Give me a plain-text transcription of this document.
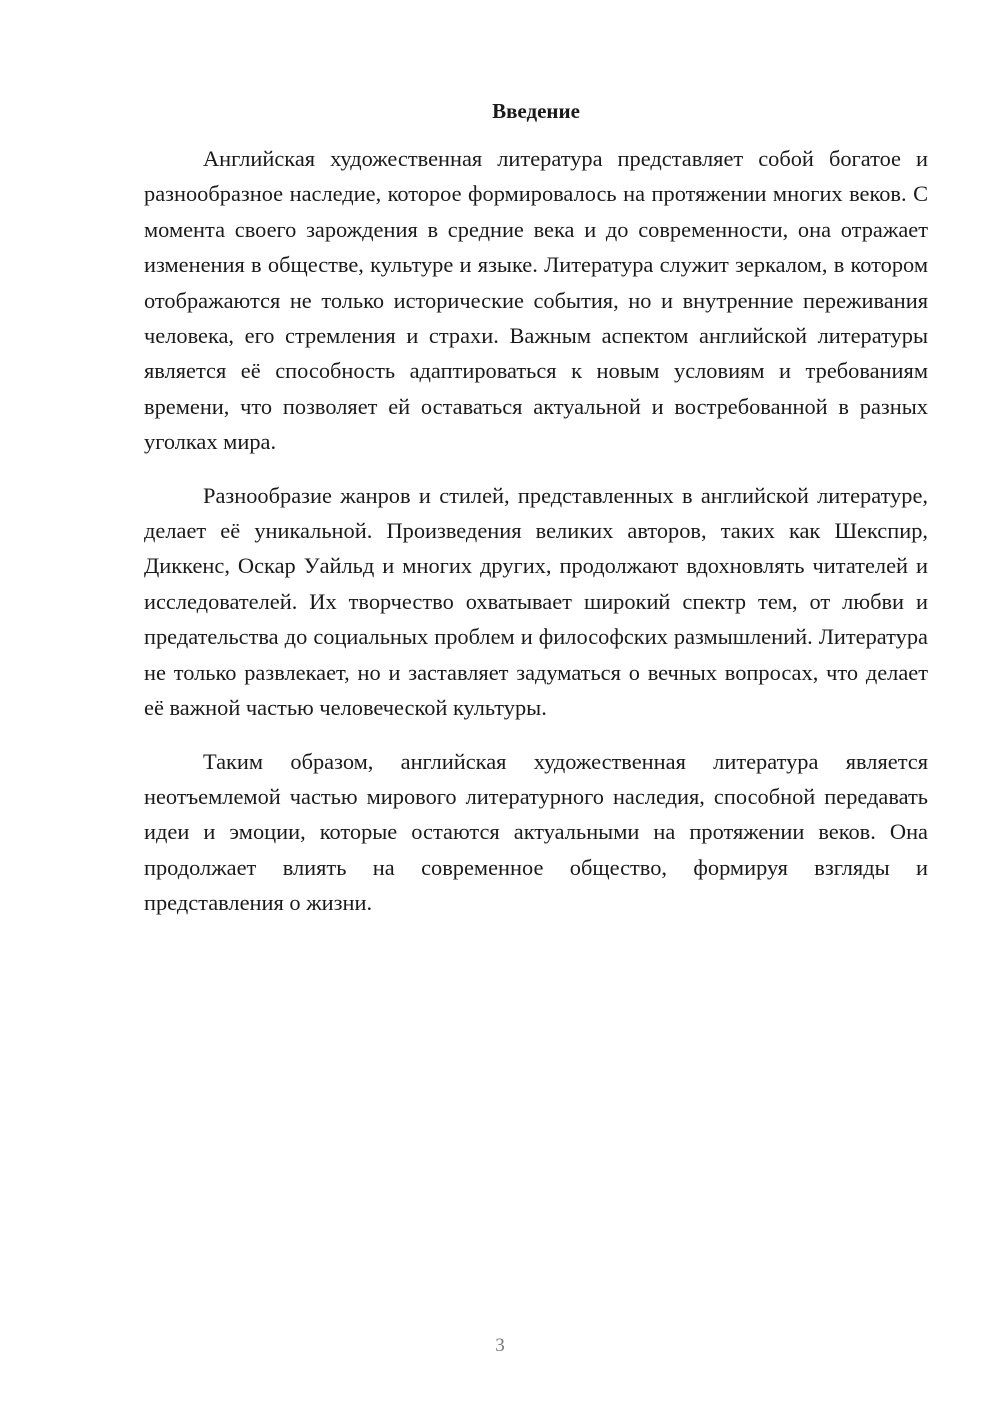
Введение

Английская художественная литература представляет собой богатое и разнообразное наследие, которое формировалось на протяжении многих веков. С момента своего зарождения в средние века и до современности, она отражает изменения в обществе, культуре и языке. Литература служит зеркалом, в котором отображаются не только исторические события, но и внутренние переживания человека, его стремления и страхи. Важным аспектом английской литературы является её способность адаптироваться к новым условиям и требованиям времени, что позволяет ей оставаться актуальной и востребованной в разных уголках мира.

Разнообразие жанров и стилей, представленных в английской литературе, делает её уникальной. Произведения великих авторов, таких как Шекспир, Диккенс, Оскар Уайльд и многих других, продолжают вдохновлять читателей и исследователей. Их творчество охватывает широкий спектр тем, от любви и предательства до социальных проблем и философских размышлений. Литература не только развлекает, но и заставляет задуматься о вечных вопросах, что делает её важной частью человеческой культуры.

Таким образом, английская художественная литература является неотъемлемой частью мирового литературного наследия, способной передавать идеи и эмоции, которые остаются актуальными на протяжении веков. Она продолжает влиять на современное общество, формируя взгляды и представления о жизни.

3
